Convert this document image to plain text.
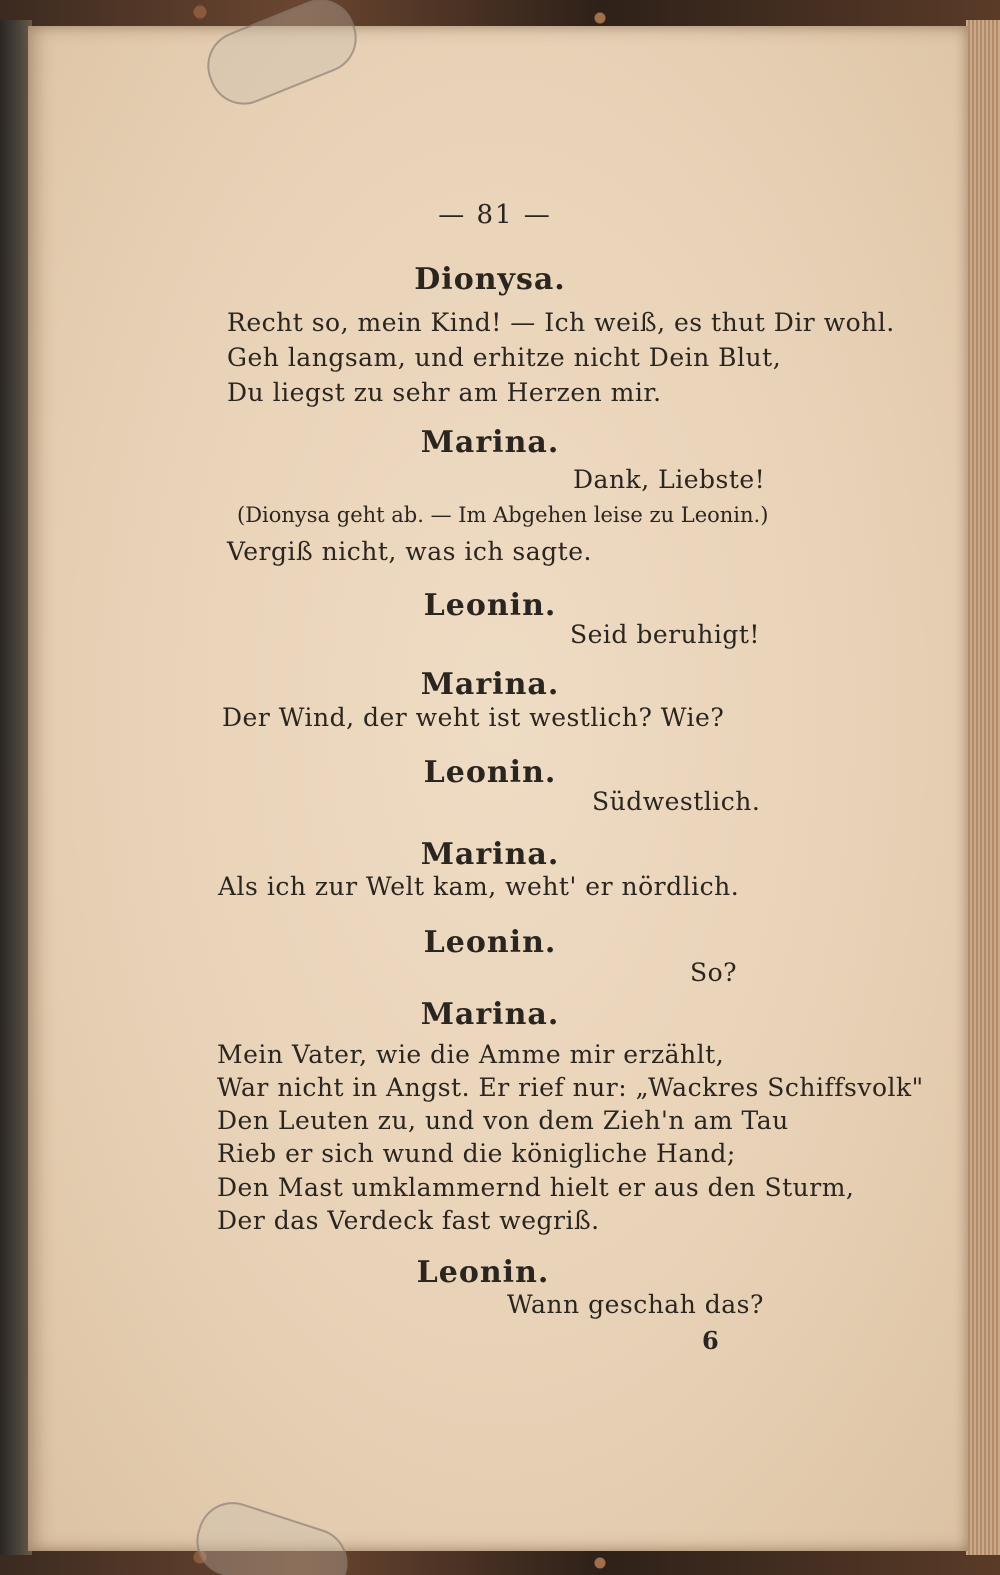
— 81 —
Dionysa.
Recht so, mein Kind! — Ich weiß, es thut Dir wohl.
Geh langsam, und erhitze nicht Dein Blut,
Du liegst zu sehr am Herzen mir.
Marina.
Dank, Liebste!
(Dionysa geht ab. — Im Abgehen leise zu Leonin.)
Vergiß nicht, was ich sagte.
Leonin.
Seid beruhigt!
Marina.
Der Wind, der weht ist westlich? Wie?
Leonin.
Südwestlich.
Marina.
Als ich zur Welt kam, weht' er nördlich.
Leonin.
So?
Marina.
Mein Vater, wie die Amme mir erzählt,
War nicht in Angst. Er rief nur: „Wackres Schiffsvolk"
Den Leuten zu, und von dem Zieh'n am Tau
Rieb er sich wund die königliche Hand;
Den Mast umklammernd hielt er aus den Sturm,
Der das Verdeck fast wegriß.
Leonin.
Wann geschah das?
6
